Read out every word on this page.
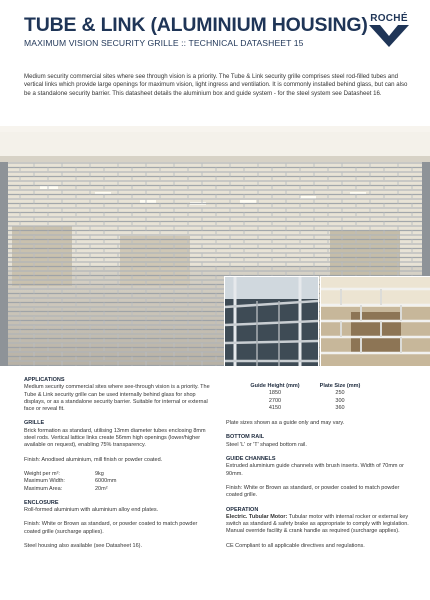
TUBE & LINK (ALUMINIUM HOUSING)
MAXIMUM VISION SECURITY GRILLE :: TECHNICAL DATASHEET 15
ROCHÉ
Medium security commercial sites where see through vision is a priority. The Tube & Link security grille comprises steel rod-filled tubes and vertical links which provide large openings for maximum vision, light ingress and ventilation. It is commonly installed behind glass, but can also be a standalone security barrier. This datasheet details the aluminium box and guide system - for the steel system see Datasheet 16.
APPLICATIONS

Medium security commercial sites where see-through vision is a priority. The Tube & Link security grille can be used internally behind glass for shop displays, or as a standalone security barrier. Suitable for internal or external face or reveal fit.

GRILLE

Brick formation as standard, utilising 13mm diameter tubes enclosing 8mm steel rods. Vertical lattice links create 56mm high openings (lower/higher available on request), enabling 75% transparency.

Finish: Anodised aluminium, mill finish or powder coated.

Weight per m²:	9kg
Maximum Width:	6000mm
Maximum Area:	20m²
ENCLOSURE

Roll-formed aluminium with aluminium alloy end plates.

Finish: White or Brown as standard, or powder coated to match powder coated grille (surcharge applies).

Steel housing also available (see Datasheet 16).

Guide Height (mm)	Plate Size (mm)
1850	250
2700	300
4150	360

Plate sizes shown as a guide only and may vary.

BOTTOM RAIL

Steel 'L' or 'T' shaped bottom rail.

GUIDE CHANNELS

Extruded aluminium guide channels with brush inserts. Width of 70mm or 90mm.

Finish: White or Brown as standard, or powder coated to match powder coated grille.

OPERATION

Electric. Tubular Motor: Tubular motor with internal rocker or external key switch as standard & safety brake as appropriate to comply with legislation. Manual override facility & crank handle as required (surcharge applies).

CE Compliant to all applicable directives and regulations.
